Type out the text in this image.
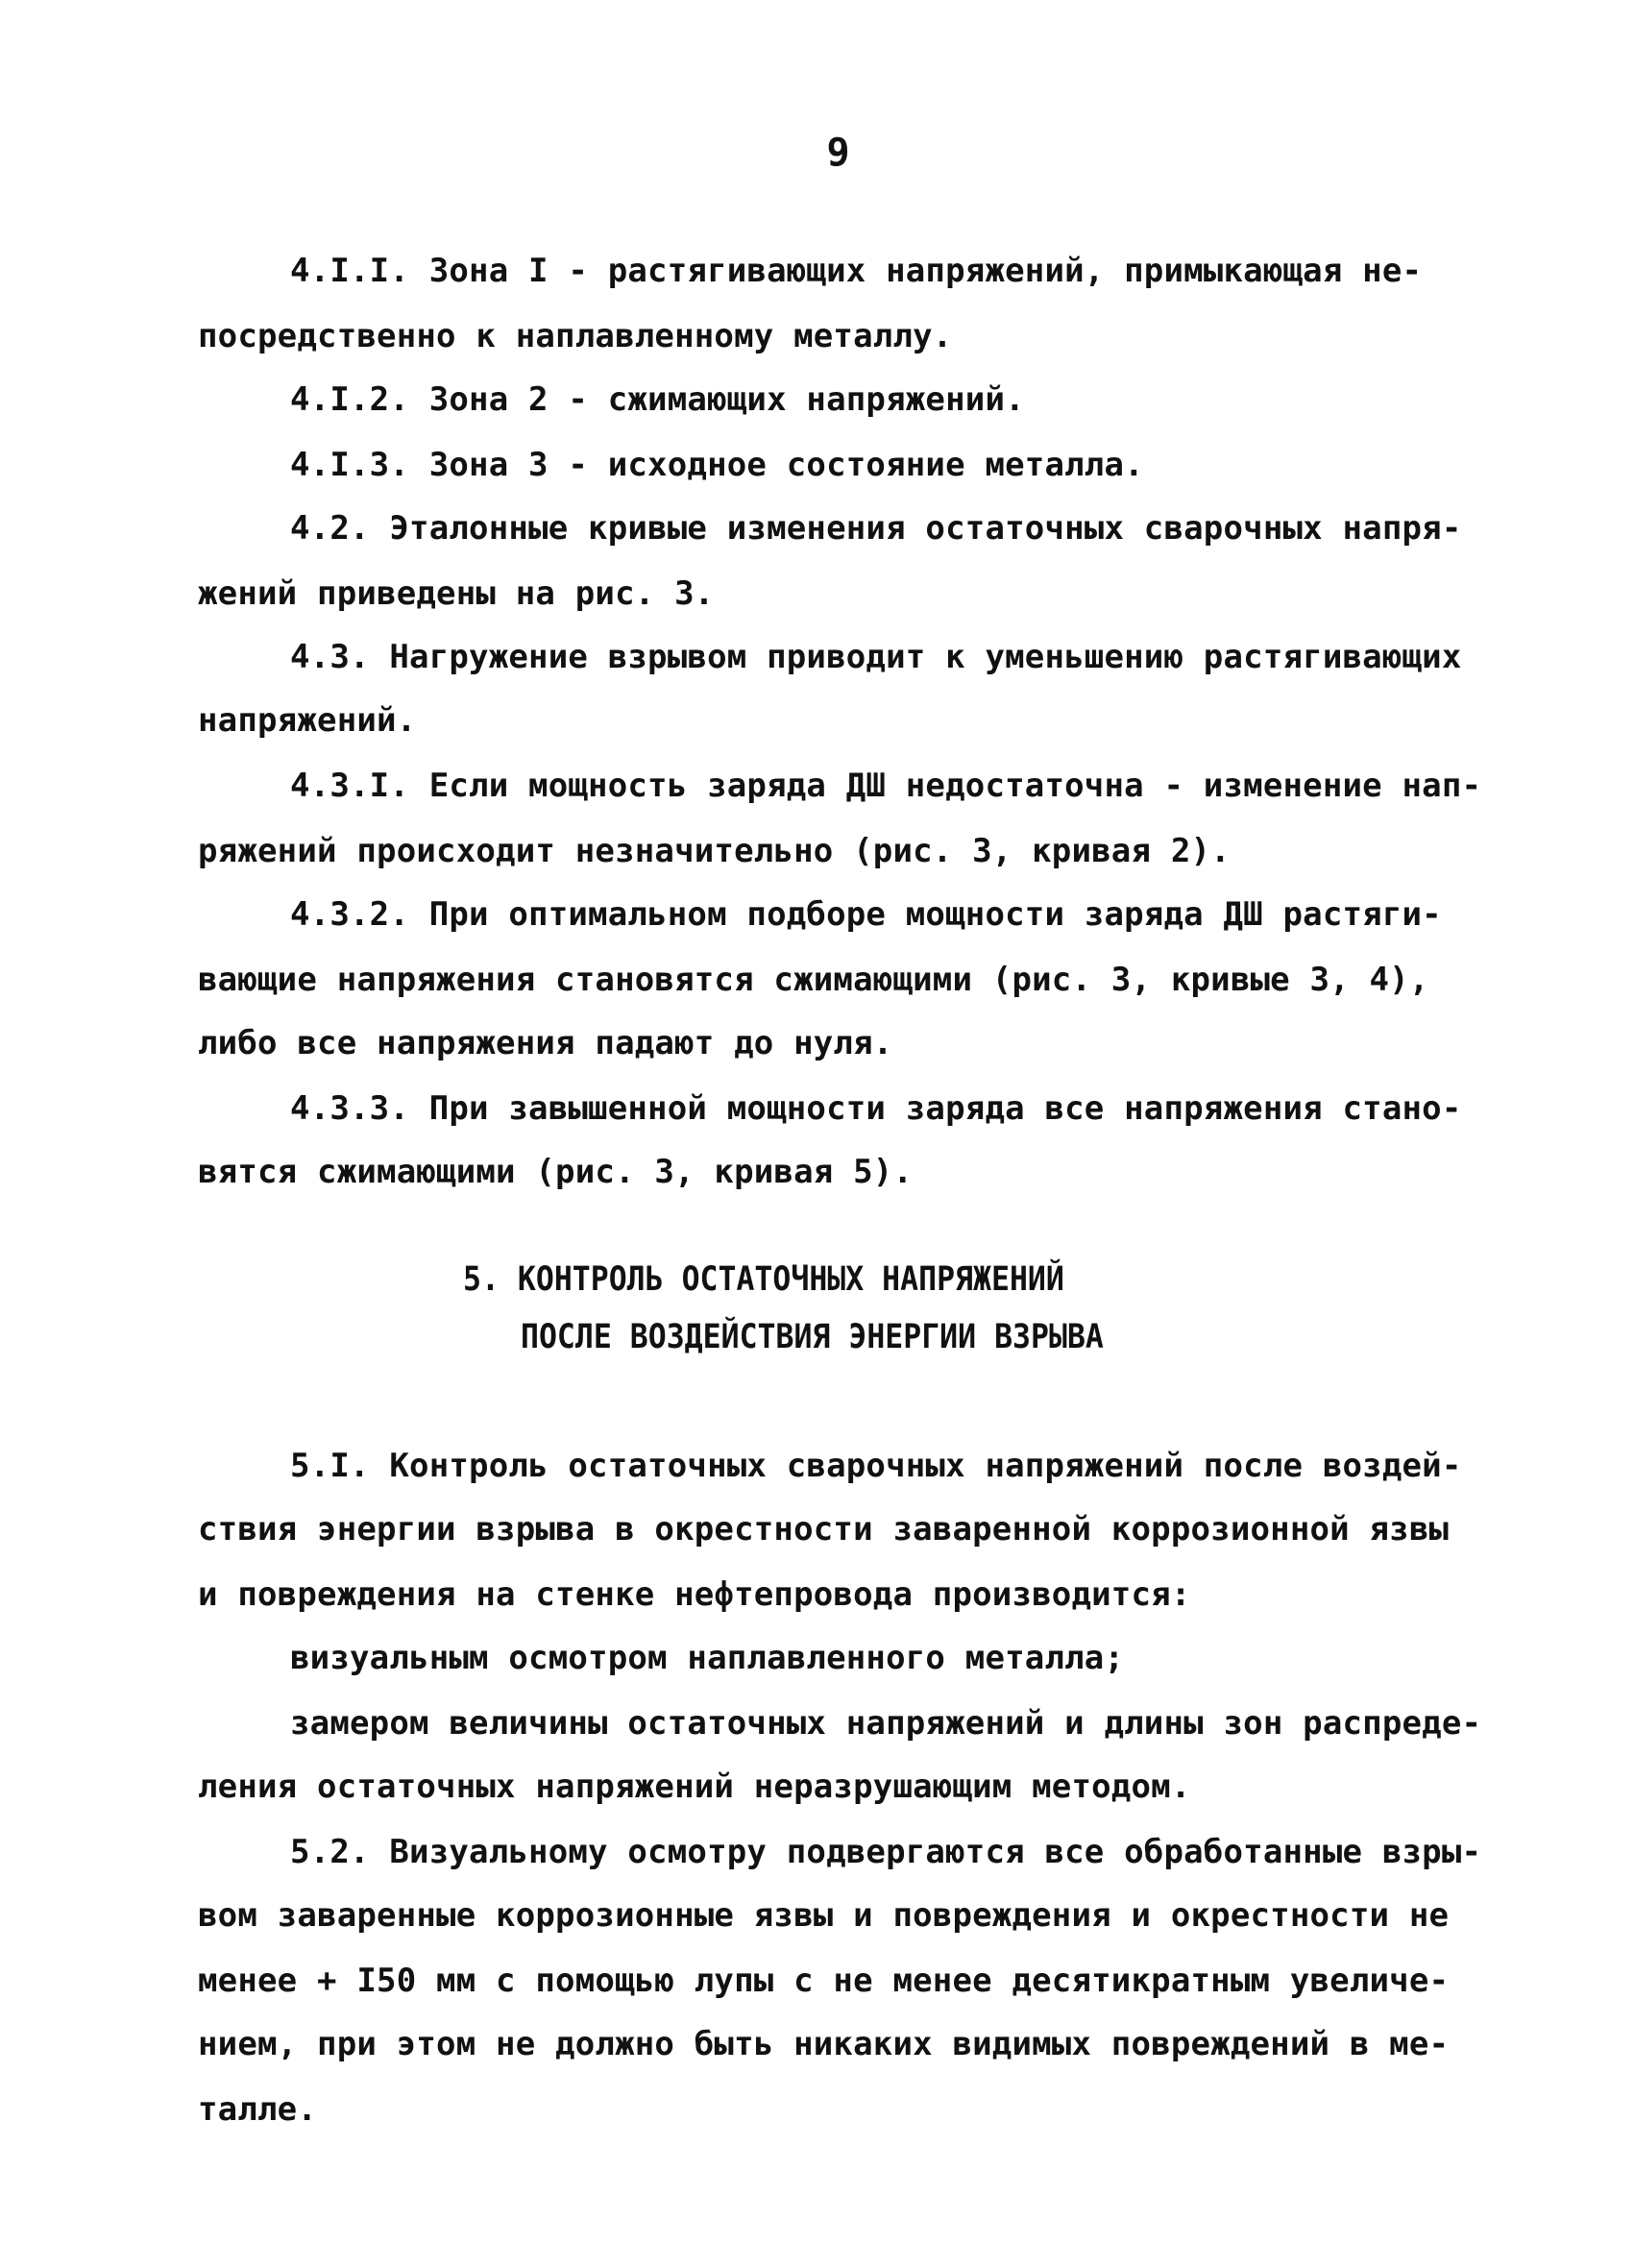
9
4.I.I. Зона I - растягивающих напряжений, примыкающая не-
посредственно к наплавленному металлу.
4.I.2. Зона 2 - сжимающих напряжений.
4.I.3. Зона 3 - исходное состояние металла.
4.2. Эталонные кривые изменения остаточных сварочных напря-
жений приведены на рис. 3.
4.3. Нагружение взрывом приводит к уменьшению растягивающих
напряжений.
4.3.I. Если мощность заряда ДШ недостаточна - изменение нап-
ряжений происходит незначительно (рис. 3, кривая 2).
4.3.2. При оптимальном подборе мощности заряда ДШ растяги-
вающие напряжения становятся сжимающими (рис. 3, кривые 3, 4),
либо все напряжения падают до нуля.
4.3.3. При завышенной мощности заряда все напряжения стано-
вятся сжимающими (рис. 3, кривая 5).
5. КОНТРОЛЬ ОСТАТОЧНЫХ НАПРЯЖЕНИЙ
ПОСЛЕ ВОЗДЕЙСТВИЯ ЭНЕРГИИ ВЗРЫВА
5.I. Контроль остаточных сварочных напряжений после воздей-
ствия энергии взрыва в окрестности заваренной коррозионной язвы
и повреждения на стенке нефтепровода производится:
визуальным осмотром наплавленного металла;
замером величины остаточных напряжений и длины зон распреде-
ления остаточных напряжений неразрушающим методом.
5.2. Визуальному осмотру подвергаются все обработанные взры-
вом заваренные коррозионные язвы и повреждения и окрестности не
менее + I50 мм с помощью лупы с не менее десятикратным увеличе-
нием, при этом не должно быть никаких видимых повреждений в ме-
талле.
